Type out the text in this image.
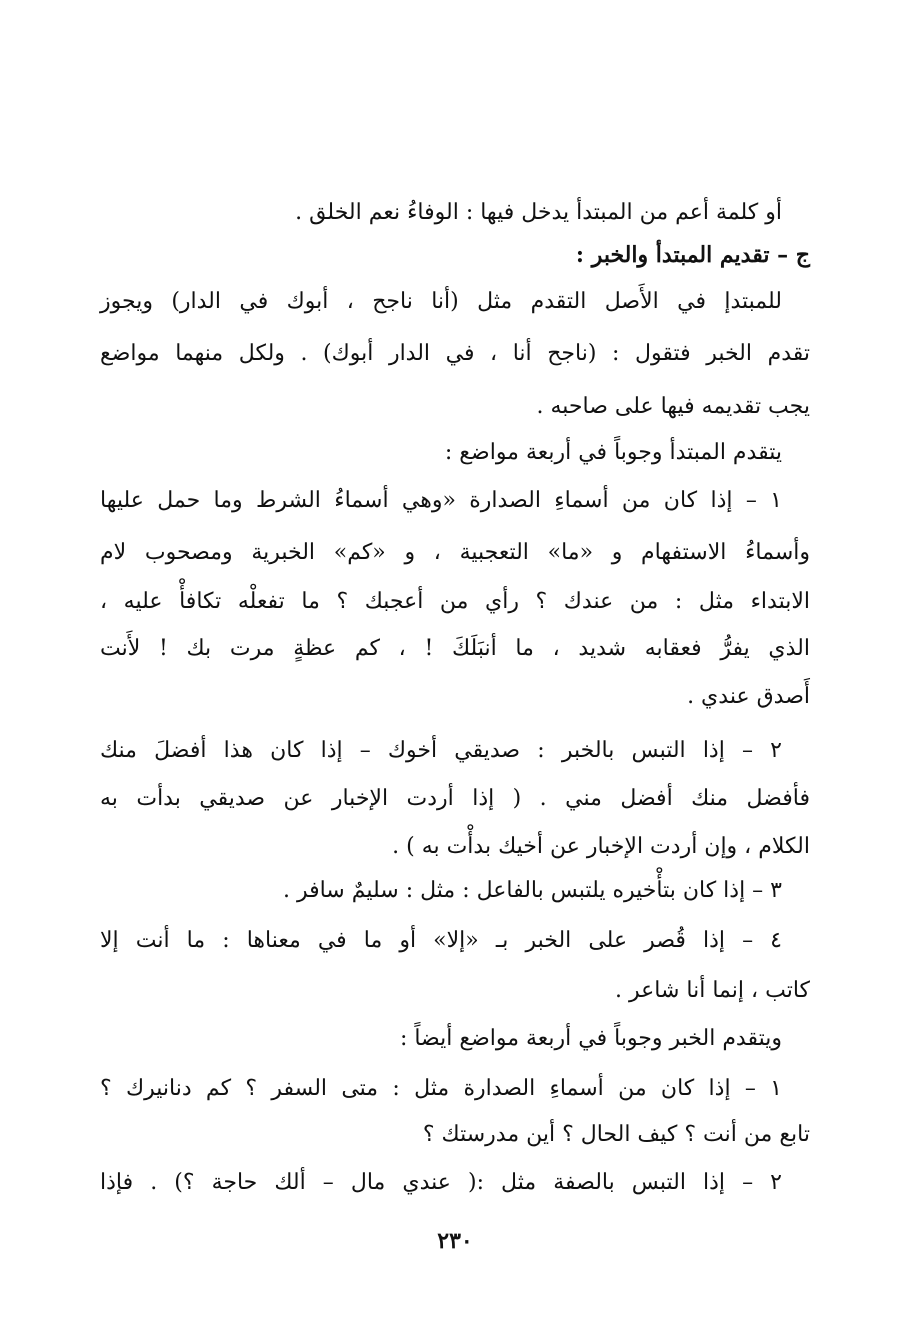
أو كلمة أعم من المبتدأ يدخل فيها : الوفاءُ نعم الخلق .
ج – تقديم المبتدأ والخبر :
للمبتدإ في الأَصل التقدم مثل (أنا ناجح ، أبوك في الدار) ويجوز
تقدم الخبر فتقول : (ناجح أنا ، في الدار أبوك) . ولكل منهما مواضع
يجب تقديمه فيها على صاحبه .
يتقدم المبتدأ وجوباً في أربعة مواضع :
١ – إذا كان من أسماءِ الصدارة «وهي أسماءُ الشرط وما حمل عليها
وأسماءُ الاستفهام و «ما» التعجبية ، و «كم» الخبرية ومصحوب لام
الابتداء مثل : من عندك ؟ رأي من أعجبك ؟ ما تفعلْه تكافأْ عليه ،
الذي يفرُّ فعقابه شديد ، ما أنبَلَكَ ! ، كم عظةٍ مرت بك ! لأَنت
أَصدق عندي .
٢ – إذا التبس بالخبر : صديقي أخوك – إذا كان هذا أفضلَ منك
فأفضل منك أفضل مني . ( إذا أردت الإخبار عن صديقي بدأت به
الكلام ، وإن أردت الإخبار عن أخيك بدأْت به ) .
٣ – إذا كان بتأْخيره يلتبس بالفاعل : مثل : سليمٌ سافر .
٤ – إذا قُصر على الخبر بـ «إلا» أو ما في معناها : ما أنت إلا
كاتب ، إنما أنا شاعر .
ويتقدم الخبر وجوباً في أربعة مواضع أيضاً :
١ – إذا كان من أسماءِ الصدارة مثل : متى السفر ؟ كم دنانيرك ؟
تابع من أنت ؟ كيف الحال ؟ أين مدرستك ؟
٢ – إذا التبس بالصفة مثل :( عندي مال – ألك حاجة ؟) . فإذا
٢٣٠
